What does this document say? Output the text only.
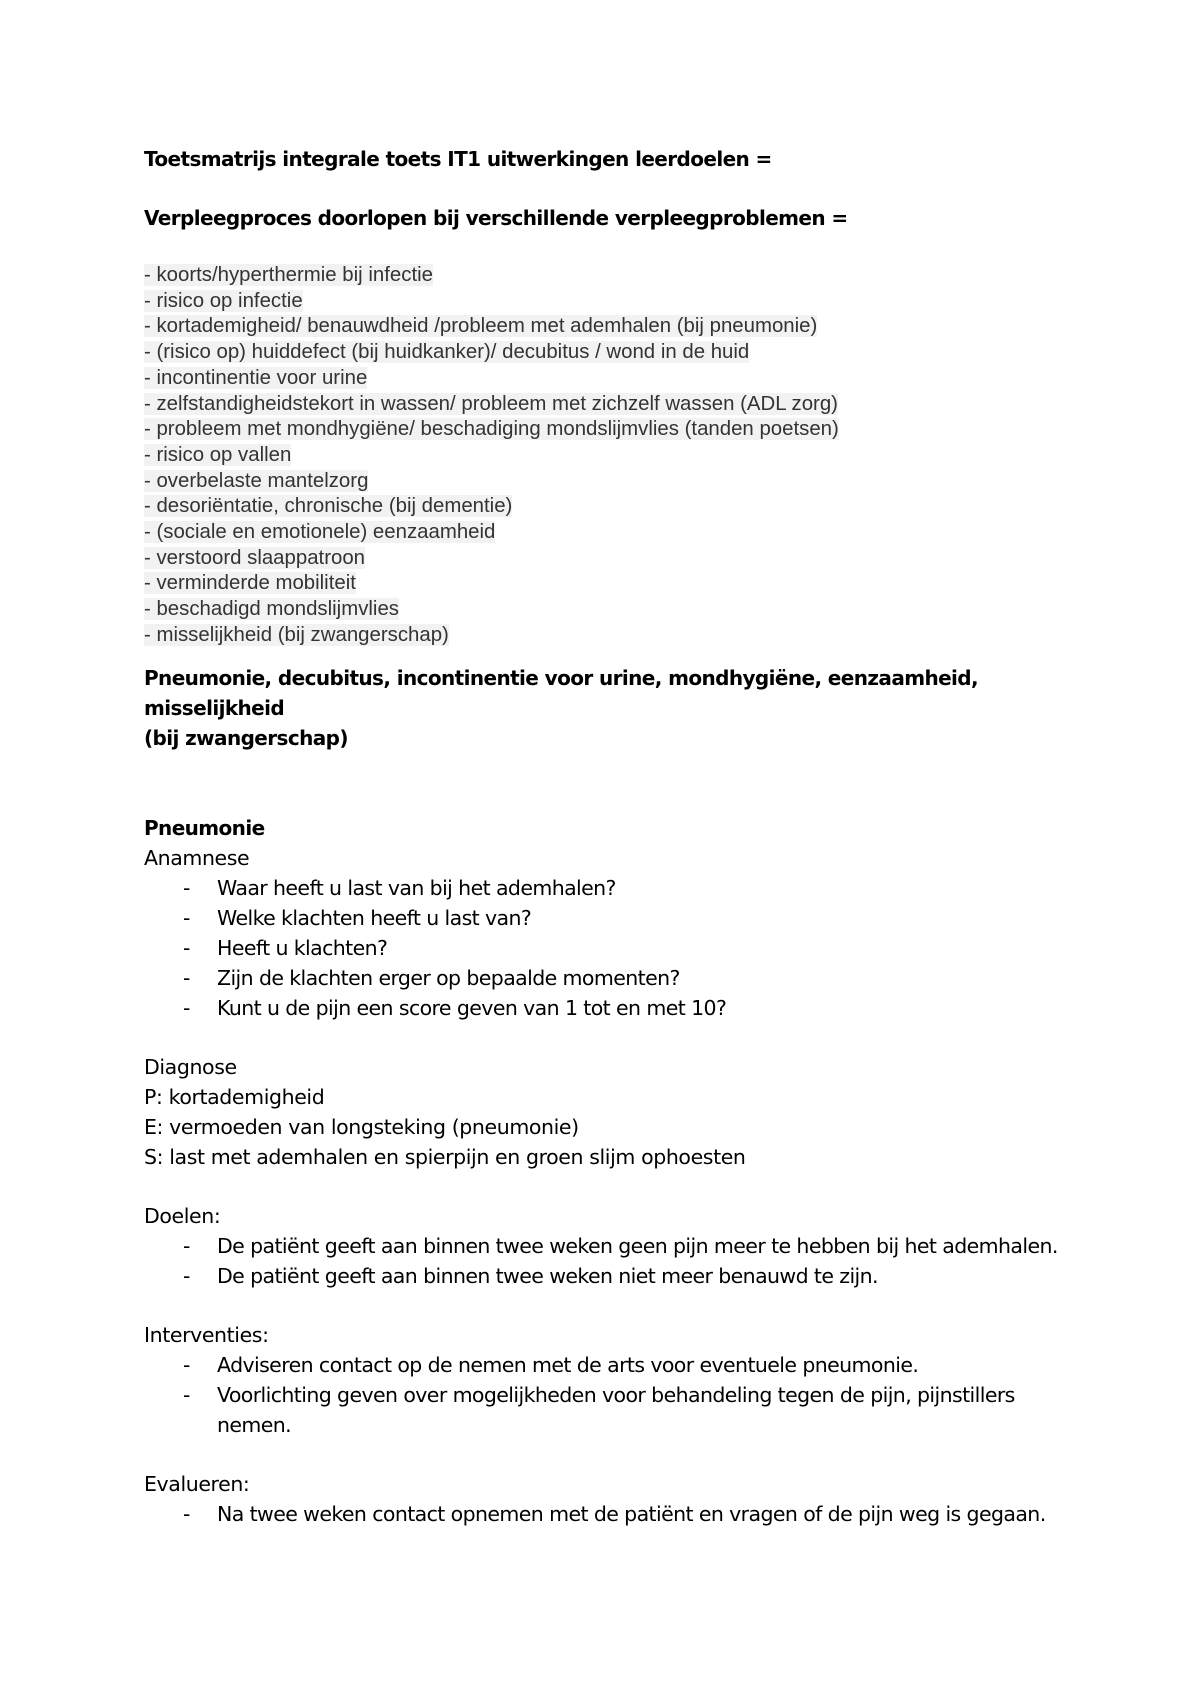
Toetsmatrijs integrale toets IT1 uitwerkingen leerdoelen =

Verpleegproces doorlopen bij verschillende verpleegproblemen =

- koorts/hyperthermie bij infectie
- risico op infectie
- kortademigheid/ benauwdheid /probleem met ademhalen (bij pneumonie)
- (risico op) huiddefect (bij huidkanker)/ decubitus / wond in de huid
- incontinentie voor urine
- zelfstandigheidstekort in wassen/ probleem met zichzelf wassen (ADL zorg)
- probleem met mondhygiëne/ beschadiging mondslijmvlies (tanden poetsen)
- risico op vallen
- overbelaste mantelzorg
- desoriëntatie, chronische (bij dementie)
- (sociale en emotionele) eenzaamheid
- verstoord slaappatroon
- verminderde mobiliteit
- beschadigd mondslijmvlies
- misselijkheid (bij zwangerschap)

Pneumonie, decubitus, incontinentie voor urine, mondhygiëne, eenzaamheid, misselijkheid

(bij zwangerschap)

Pneumonie

Anamnese

- Waar heeft u last van bij het ademhalen?
- Welke klachten heeft u last van?
- Heeft u klachten?
- Zijn de klachten erger op bepaalde momenten?
- Kunt u de pijn een score geven van 1 tot en met 10?

Diagnose

P: kortademigheid

E: vermoeden van longsteking (pneumonie)

S: last met ademhalen en spierpijn en groen slijm ophoesten

Doelen:

- De patiënt geeft aan binnen twee weken geen pijn meer te hebben bij het ademhalen.
- De patiënt geeft aan binnen twee weken niet meer benauwd te zijn.

Interventies:

- Adviseren contact op de nemen met de arts voor eventuele pneumonie.
- Voorlichting geven over mogelijkheden voor behandeling tegen de pijn, pijnstillers nemen.

Evalueren:

- Na twee weken contact opnemen met de patiënt en vragen of de pijn weg is gegaan.
